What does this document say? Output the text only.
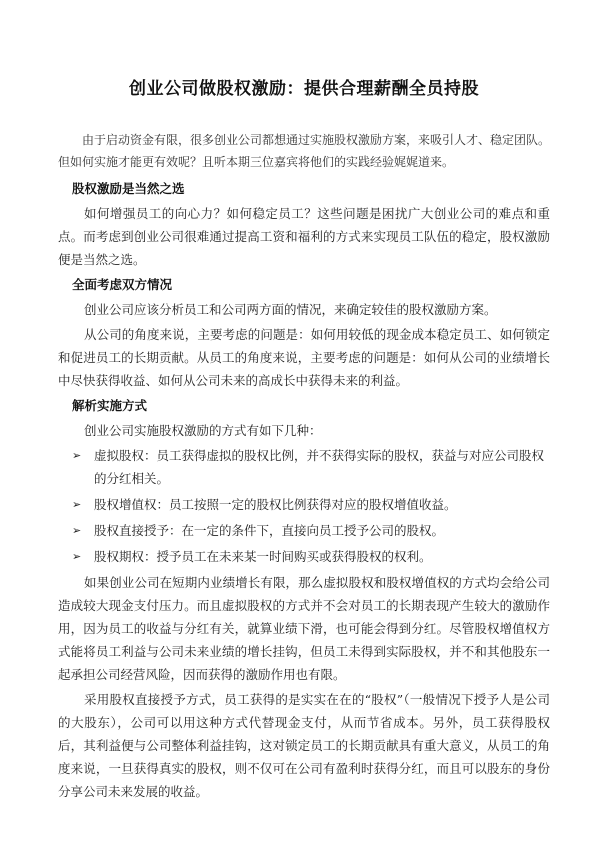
创业公司做股权激励：提供合理薪酬全员持股

由于启动资金有限，很多创业公司都想通过实施股权激励方案，来吸引人才、稳定团队。但如何实施才能更有效呢？且听本期三位嘉宾将他们的实践经验娓娓道来。

股权激励是当然之选

如何增强员工的向心力？如何稳定员工？这些问题是困扰广大创业公司的难点和重点。而考虑到创业公司很难通过提高工资和福利的方式来实现员工队伍的稳定，股权激励便是当然之选。

全面考虑双方情况

创业公司应该分析员工和公司两方面的情况，来确定较佳的股权激励方案。

从公司的角度来说，主要考虑的问题是：如何用较低的现金成本稳定员工、如何锁定和促进员工的长期贡献。从员工的角度来说，主要考虑的问题是：如何从公司的业绩增长中尽快获得收益、如何从公司未来的高成长中获得未来的利益。

解析实施方式

创业公司实施股权激励的方式有如下几种：

➢ 虚拟股权：员工获得虚拟的股权比例，并不获得实际的股权，获益与对应公司股权的分红相关。
➢ 股权增值权：员工按照一定的股权比例获得对应的股权增值收益。
➢ 股权直接授予：在一定的条件下，直接向员工授予公司的股权。
➢ 股权期权：授予员工在未来某一时间购买或获得股权的权利。

如果创业公司在短期内业绩增长有限，那么虚拟股权和股权增值权的方式均会给公司造成较大现金支付压力。而且虚拟股权的方式并不会对员工的长期表现产生较大的激励作用，因为员工的收益与分红有关，就算业绩下滑，也可能会得到分红。尽管股权增值权方式能将员工利益与公司未来业绩的增长挂钩，但员工未得到实际股权，并不和其他股东一起承担公司经营风险，因而获得的激励作用也有限。

采用股权直接授予方式，员工获得的是实实在在的“股权”（一般情况下授予人是公司的大股东），公司可以用这种方式代替现金支付，从而节省成本。另外，员工获得股权后，其利益便与公司整体利益挂钩，这对锁定员工的长期贡献具有重大意义，从员工的角度来说，一旦获得真实的股权，则不仅可在公司有盈利时获得分红，而且可以股东的身份分享公司未来发展的收益。
